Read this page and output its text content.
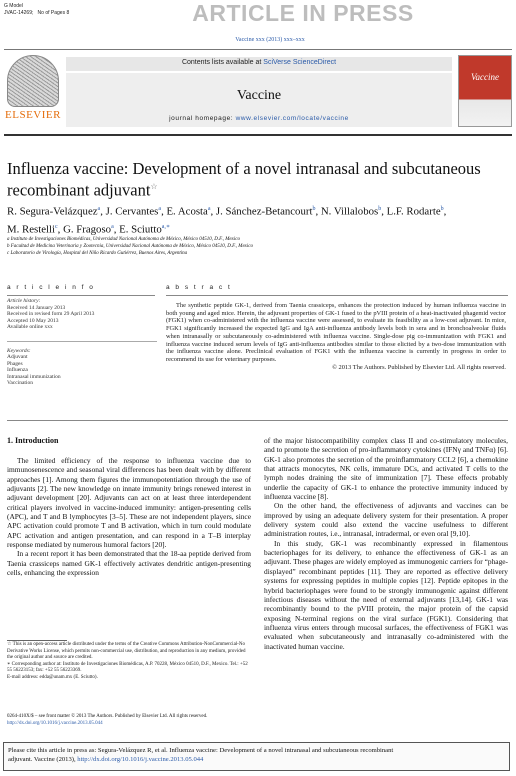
G Model
JVAC-14269; No of Pages 8	ARTICLE IN PRESS
Vaccine xxx (2013) xxx–xxx
ELSEVIER
Contents lists available at SciVerse ScienceDirect
Vaccine
journal homepage: www.elsevier.com/locate/vaccine
Vaccine
Influenza vaccine: Development of a novel intranasal and subcutaneous
recombinant adjuvant☆
R. Segura-Velázquez$^a$, J. Cervantes$^a$, E. Acosta$^a$, J. Sánchez-Betancourt$^b$, N. Villalobos$^b$, L.F. Rodarte$^b$,
M. Restelli$^c$, G. Fragoso$^a$, E. Sciutto$^{a,∗}$
a Instituto de Investigaciones Biomédicas, Universidad Nacional Autónoma de México, México 04510, D.F., Mexico
b Facultad de Medicina Veterinaria y Zootecnia, Universidad Nacional Autónoma de México, México 04510, D.F., Mexico
c Laboratorio de Virología, Hospital del Niño Ricardo Gutiérrez, Buenos Aires, Argentina
a r t i c l e i n f o	a b s t r a c t
Article history:
Received 14 January 2013
Received in revised form 29 April 2013
Accepted 10 May 2013
Available online xxx
Keywords:
Adjuvant
Phages
Influenza
Intranasal immunization
Vaccination
The synthetic peptide GK-1, derived from Taenia crassiceps, enhances the protection induced by human influenza vaccine in both young and aged mice. Herein, the adjuvant properties of GK-1 fused to the pVIII protein of a heat-inactivated phagemid vector (FGK1) when co-administered with the influenza vaccine were assessed, to evaluate its feasibility as a low-cost adjuvant. In mice, FGK1 significantly increased the expected IgG and IgA anti-influenza antibody levels both in sera and in bronchoalveolar fluids when intranasally or subcutaneously co-administered with influenza vaccine. Single-dose pig co-immunization with FGK1 and influenza vaccine induced serum levels of IgG anti-influenza antibodies similar to those elicited by a two-dose immunization with the influenza vaccine alone. Preclinical evaluation of FGK1 with the influenza vaccine is currently in progress in order to recommend its use for veterinary purposes.
© 2013 The Authors. Published by Elsevier Ltd. All rights reserved.
1. Introduction

The limited efficiency of the response to influenza vaccine due to immunosenescence and seasonal viral differences has been dealt with by different approaches [1]. Among them figures the immunopotentiation through the use of adjuvants [2]. The new knowledge on innate immunity brings renewed interest in adjuvant development [20]. Adjuvants can act on at least three interdependent critical players involved in vaccine-induced immunity: antigen-presenting cells (APC), and T and B lymphocytes [3–5]. These are not independent players, since APC activation could promote T and B activation, which in turn could modulate APC activation and antigen presentation, and can respond in a T–B interplay response mediated by numerous humoral factors [20].

In a recent report it has been demonstrated that the 18-aa peptide derived from Taenia crassiceps named GK-1 effectively activates dendritic antigen-presenting cells, enhancing the expression

☆ This is an open-access article distributed under the terms of the Creative Commons Attribution-NonCommercial-No Derivative Works License, which permits non-commercial use, distribution, and reproduction in any medium, provided the original author and source are credited.
∗ Corresponding author at: Instituto de Investigaciones Biomédicas, A.P. 70228, México 04510, D.F., Mexico. Tel.: +52 55 56223153; fax: +52 55 56223369.
E-mail address: edda@unam.mx (E. Sciutto).
0264-410X/$ – see front matter © 2013 The Authors. Published by Elsevier Ltd. All rights reserved.
http://dx.doi.org/10.1016/j.vaccine.2013.05.044

of the major histocompatibility complex class II and co-stimulatory molecules, and to promote the secretion of pro-inflammatory cytokines (IFNγ and TNFα) [6]. GK-1 also promotes the secretion of the proinflammatory CCL2 [6], a chemokine that attracts monocytes, NK cells, immature DCs, and activated T cells to the lymph nodes draining the site of immunization [7]. These effects probably underlie the capacity of GK-1 to enhance the protective immunity induced by influenza vaccine [8].

On the other hand, the effectiveness of adjuvants and vaccines can be improved by using an adequate delivery system for their presentation. A proper delivery system could also extend the vaccine usefulness to different administration routes, i.e., intranasal, intradermal, or even oral [9,10].

In this study, GK-1 was recombinantly expressed in filamentous bacteriophages for its delivery, to enhance the effectiveness of GK-1 as an adjuvant. These phages are widely employed as immunogenic carriers for “phage-displayed” recombinant peptides [11]. They are reported as effective delivery systems for expressing peptides in multiple copies [12]. Peptide epitopes in the hybrid bacteriophages were found to be strongly immunogenic against different infectious diseases without the need of external adjuvants [13,14]. GK-1 was recombinantly bound to the pVIII protein, the major protein of the capsid exposing N-terminal regions on the viral surface (FGK1). Considering that influenza virus enters through mucosal surfaces, the effectiveness of FGK1 was evaluated when subcutaneously and intranasally co-administered with the inactivated human vaccine.

Please cite this article in press as: Segura-Velázquez R, et al. Influenza vaccine: Development of a novel intranasal and subcutaneous recombinant
adjuvant. Vaccine (2013), http://dx.doi.org/10.1016/j.vaccine.2013.05.044
